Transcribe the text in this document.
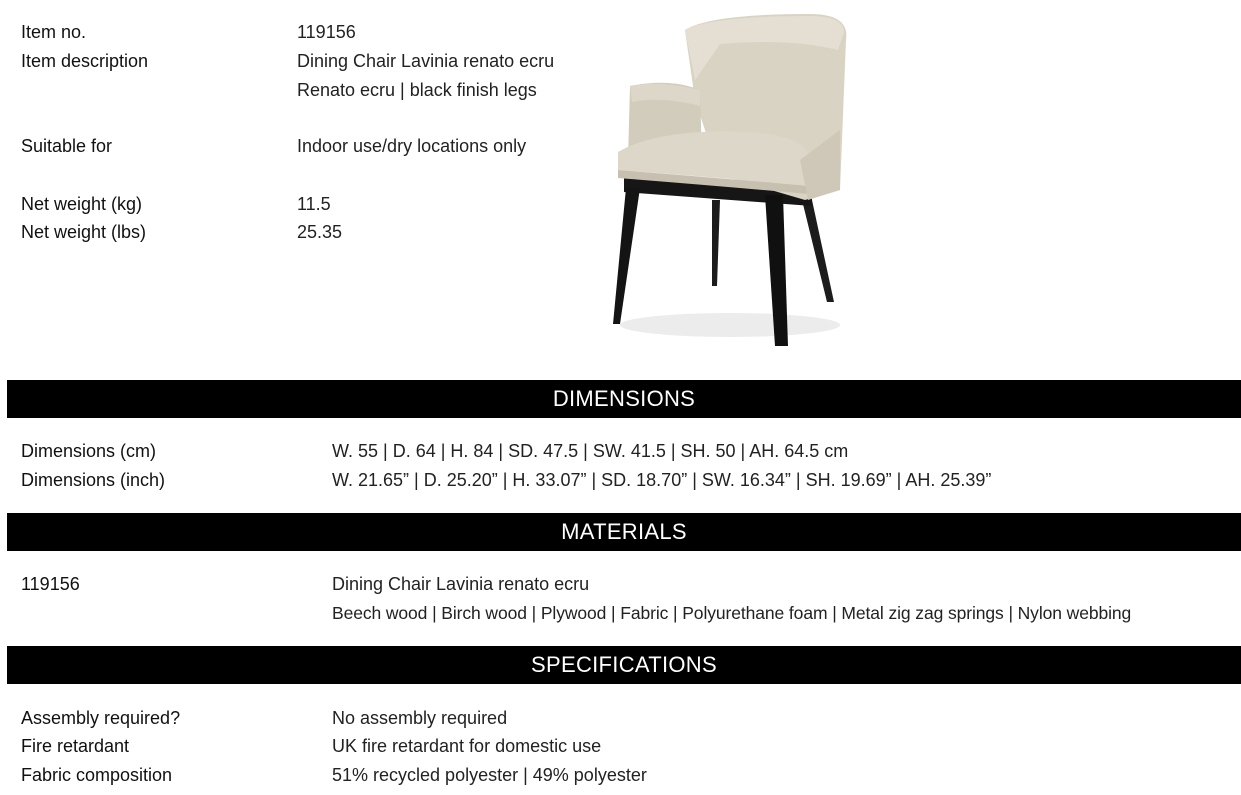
Item no.	119156
Item description	Dining Chair Lavinia renato ecru
Renato ecru | black finish legs
Suitable for	Indoor use/dry locations only
Net weight (kg)	11.5
Net weight (lbs)	25.35
DIMENSIONS
Dimensions (cm)	W. 55 | D. 64 | H. 84 | SD. 47.5 | SW. 41.5 | SH. 50 | AH. 64.5 cm
Dimensions (inch)	W. 21.65” | D. 25.20” | H. 33.07” | SD. 18.70” | SW. 16.34” | SH. 19.69” | AH. 25.39”
MATERIALS
119156	Dining Chair Lavinia renato ecru
Beech wood | Birch wood | Plywood | Fabric | Polyurethane foam | Metal zig zag springs | Nylon webbing
SPECIFICATIONS
Assembly required?	No assembly required
Fire retardant	UK fire retardant for domestic use
Fabric composition	51% recycled polyester | 49% polyester
